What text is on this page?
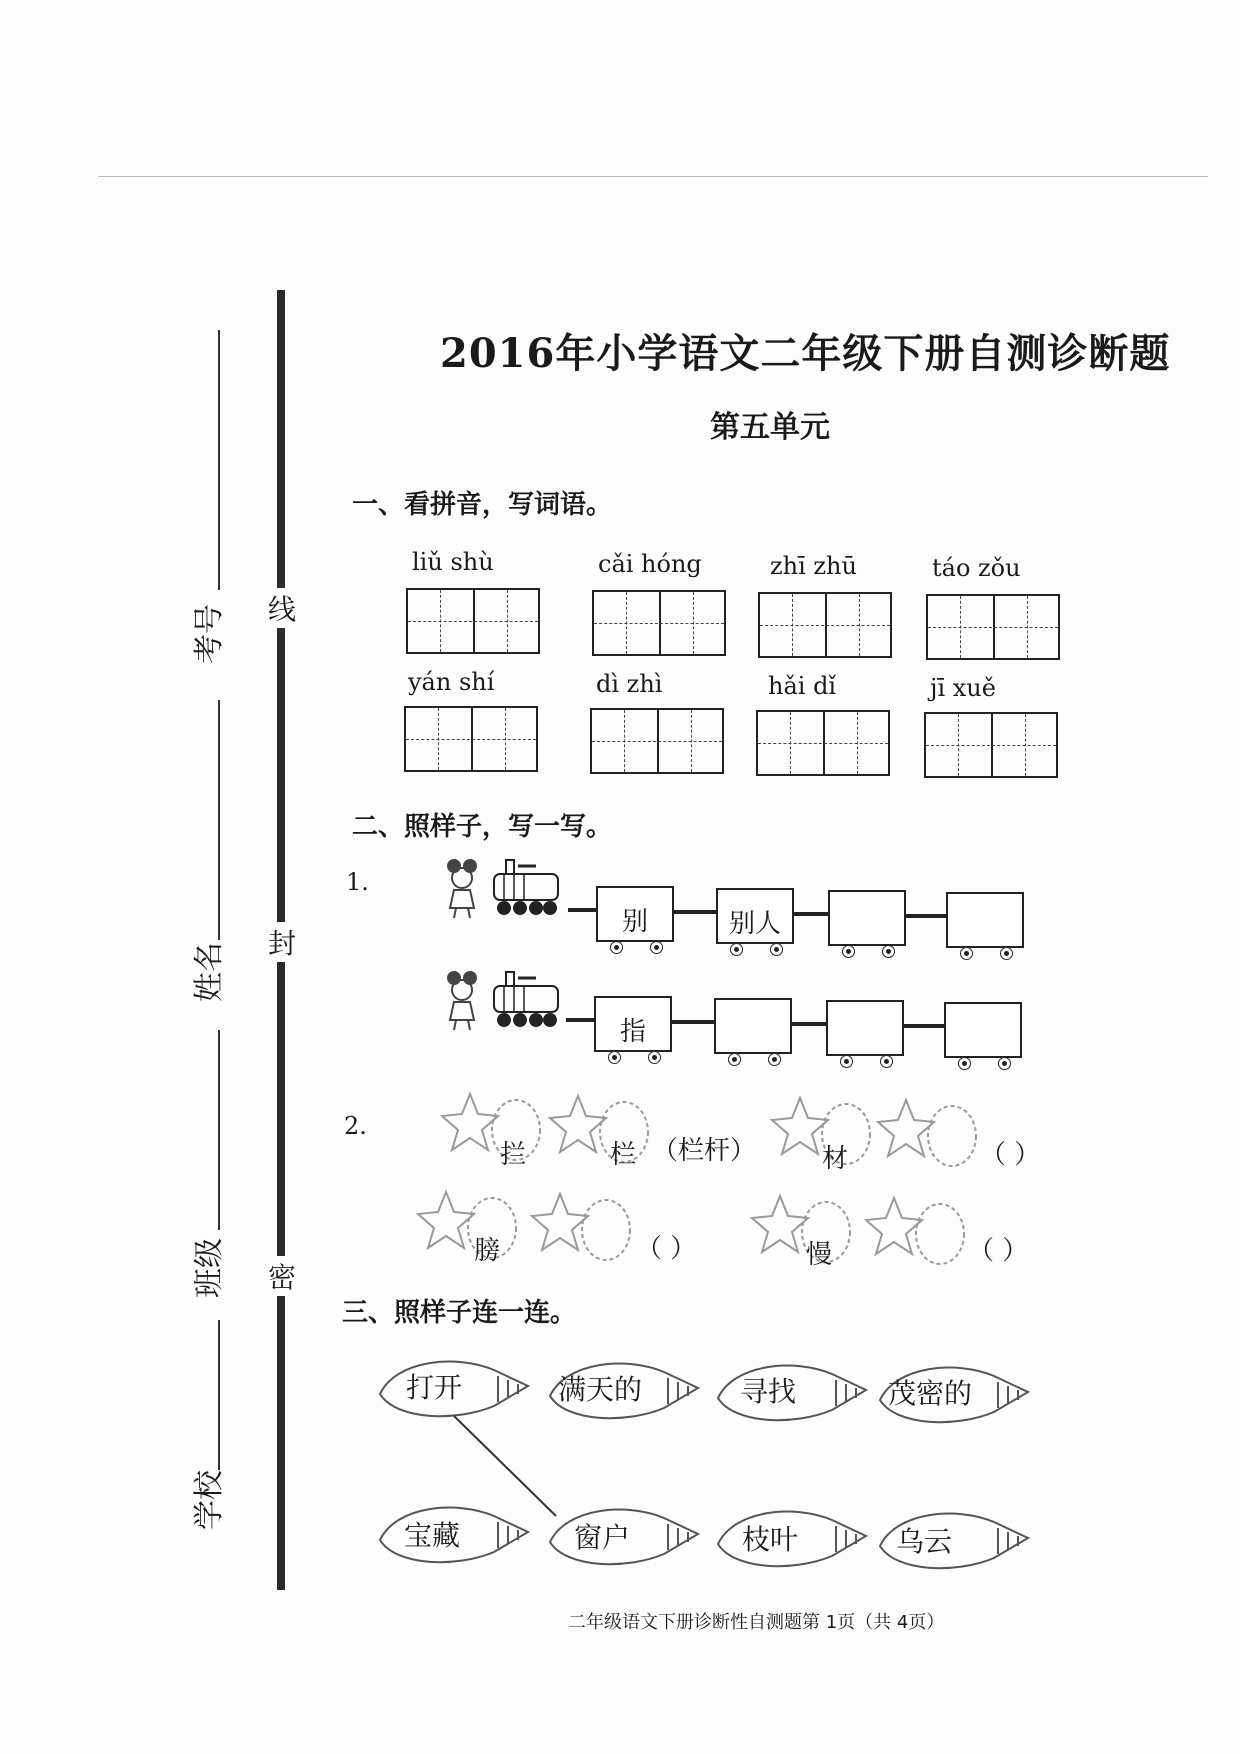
线
封
密
考号
姓名
班级
学校
2016年小学语文二年级下册自测诊断题
第五单元
一、看拼音，写词语。
liǔ shù	cǎi hóng	zhī zhū	táo zǒu
yán shí	dì zhì	hǎi dǐ	jī xuě
二、照样子，写一写。
1.
别	别人
指
2.
拦	栏 （栏杆）	材	（ ）
膀	（ ）	慢	（ ）
三、照样子连一连。
打开	满天的	寻找	茂密的
宝藏	窗户	枝叶	乌云
二年级语文下册诊断性自测题第 1页（共 4页）
